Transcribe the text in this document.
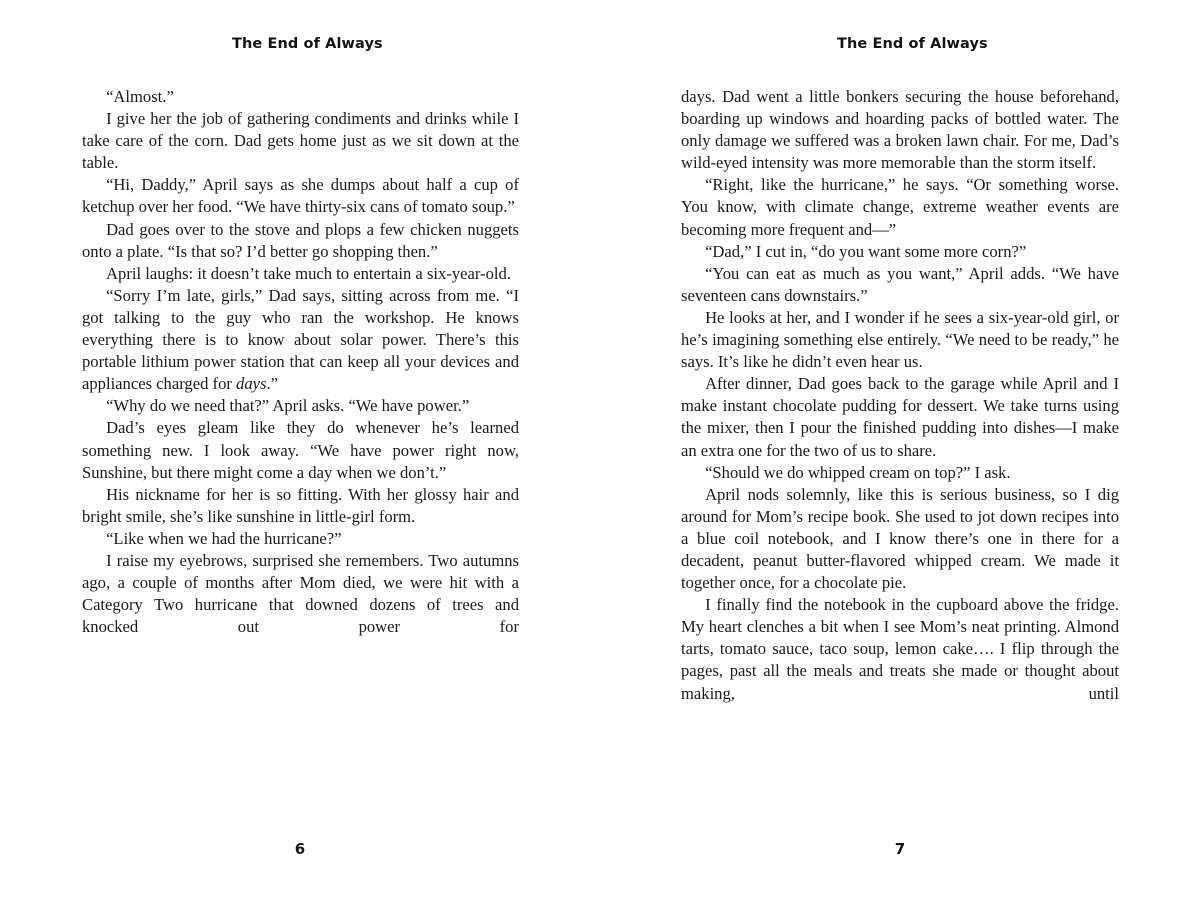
The End of Always

“Almost.”

I give her the job of gathering condiments and drinks while I take care of the corn. Dad gets home just as we sit down at the table.

“Hi, Daddy,” April says as she dumps about half a cup of ketchup over her food. “We have thirty-six cans of tomato soup.”

Dad goes over to the stove and plops a few chicken nuggets onto a plate. “Is that so? I’d better go shopping then.”

April laughs: it doesn’t take much to entertain a six-year-old.

“Sorry I’m late, girls,” Dad says, sitting across from me. “I got talking to the guy who ran the workshop. He knows everything there is to know about solar power. There’s this portable lithium power station that can keep all your devices and appliances charged for days.”

“Why do we need that?” April asks. “We have power.”

Dad’s eyes gleam like they do whenever he’s learned something new. I look away. “We have power right now, Sunshine, but there might come a day when we don’t.”

His nickname for her is so fitting. With her glossy hair and bright smile, she’s like sunshine in little-girl form.

“Like when we had the hurricane?”

I raise my eyebrows, surprised she remembers. Two autumns ago, a couple of months after Mom died, we were hit with a Category Two hurricane that downed dozens of trees and knocked out power for

6
The End of Always

days. Dad went a little bonkers securing the house beforehand, boarding up windows and hoarding packs of bottled water. The only damage we suffered was a broken lawn chair. For me, Dad’s wild-eyed intensity was more memorable than the storm itself.

“Right, like the hurricane,” he says. “Or something worse. You know, with climate change, extreme weather events are becoming more frequent and—”

“Dad,” I cut in, “do you want some more corn?”

“You can eat as much as you want,” April adds. “We have seventeen cans downstairs.”

He looks at her, and I wonder if he sees a six-year-old girl, or he’s imagining something else entirely. “We need to be ready,” he says. It’s like he didn’t even hear us.

After dinner, Dad goes back to the garage while April and I make instant chocolate pudding for dessert. We take turns using the mixer, then I pour the finished pudding into dishes—I make an extra one for the two of us to share.

“Should we do whipped cream on top?” I ask.

April nods solemnly, like this is serious business, so I dig around for Mom’s recipe book. She used to jot down recipes into a blue coil notebook, and I know there’s one in there for a decadent, peanut butter-flavored whipped cream. We made it together once, for a chocolate pie.

I finally find the notebook in the cupboard above the fridge. My heart clenches a bit when I see Mom’s neat printing. Almond tarts, tomato sauce, taco soup, lemon cake…. I flip through the pages, past all the meals and treats she made or thought about making, until

7
